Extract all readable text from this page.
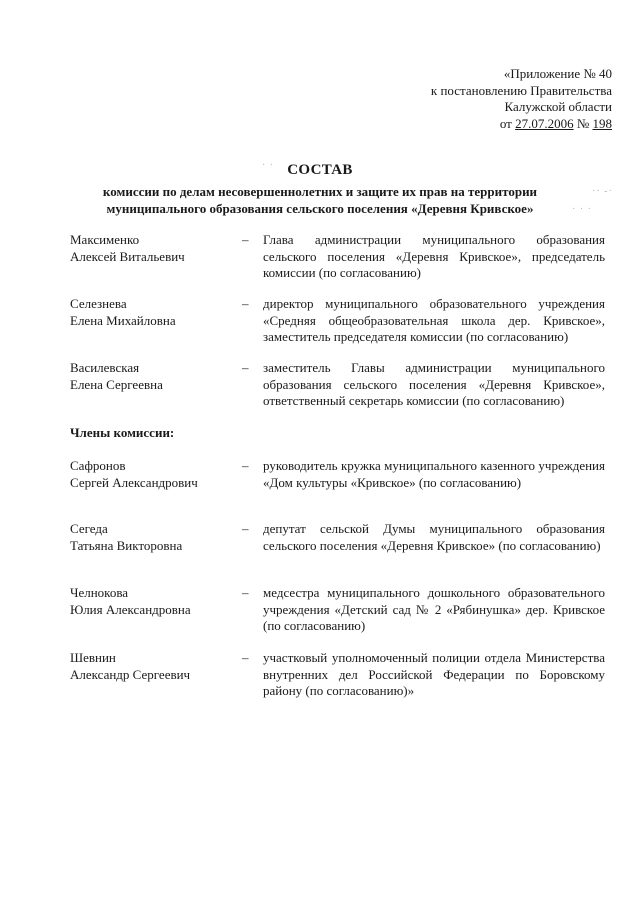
«Приложение № 40
к постановлению Правительства
Калужской области
от 27.07.2006 № 198
СОСТАВ
комиссии по делам несовершеннолетних и защите их прав на территории
муниципального образования сельского поселения «Деревня Кривское»
·· -·
· · ·
· ·
Максименко
Алексей Витальевич
– Глава администрации муниципального образования сельского поселения «Деревня Кривское», председатель комиссии (по согласованию)
Селезнева
Елена Михайловна
– директор муниципального образовательного учреждения «Средняя общеобразовательная школа дер. Кривское», заместитель председателя комиссии (по согласованию)
Василевская
Елена Сергеевна
– заместитель Главы администрации муниципального образования сельского поселения «Деревня Кривское», ответственный секретарь комиссии (по согласованию)
Члены комиссии:
Сафронов
Сергей Александрович
– руководитель кружка муниципального казенного учреждения «Дом культуры «Кривское» (по согласованию)
Сегеда
Татьяна Викторовна
– депутат сельской Думы муниципального образования сельского поселения «Деревня Кривское» (по согласованию)
Челнокова
Юлия Александровна
– медсестра муниципального дошкольного образовательного учреждения «Детский сад № 2 «Рябинушка» дер. Кривское (по согласованию)
Шевнин
Александр Сергеевич
– участковый уполномоченный полиции отдела Министерства внутренних дел Российской Федерации по Боровскому району (по согласованию)»
